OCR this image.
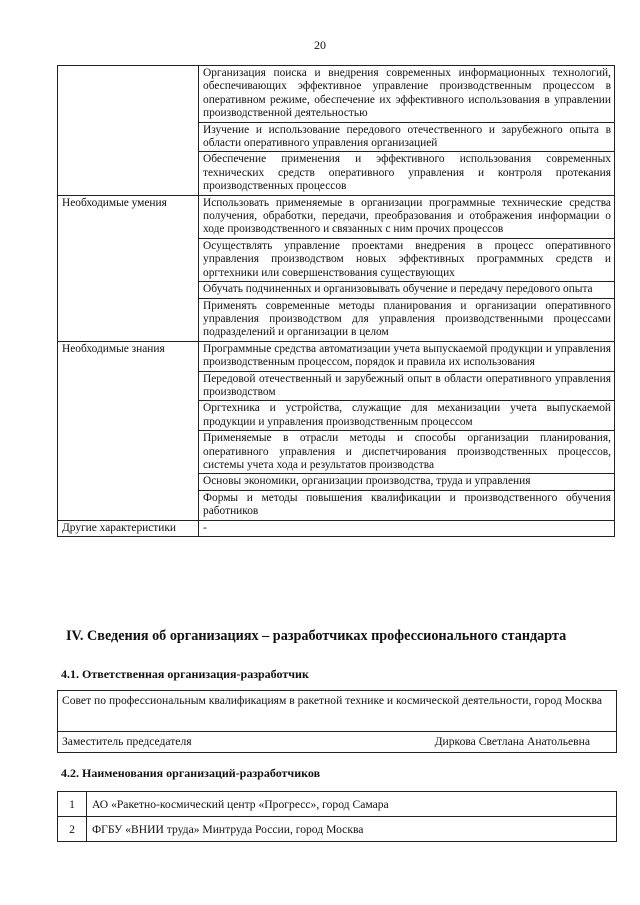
20
	Организация поиска и внедрения современных информационных технологий, обеспечивающих эффективное управление производственным процессом в оперативном режиме, обеспечение их эффективного использования в управлении производственной деятельностью
	Изучение и использование передового отечественного и зарубежного опыта в области оперативного управления организацией
	Обеспечение применения и эффективного использования современных технических средств оперативного управления и контроля протекания производственных процессов
Необходимые умения	Использовать применяемые в организации программные технические средства получения, обработки, передачи, преобразования и отображения информации о ходе производственного и связанных с ним прочих процессов
	Осуществлять управление проектами внедрения в процесс оперативного управления производством новых эффективных программных средств и оргтехники или совершенствования существующих
	Обучать подчиненных и организовывать обучение и передачу передового опыта
	Применять современные методы планирования и организации оперативного управления производством для управления производственными процессами подразделений и организации в целом
Необходимые знания	Программные средства автоматизации учета выпускаемой продукции и управления производственным процессом, порядок и правила их использования
	Передовой отечественный и зарубежный опыт в области оперативного управления производством
	Оргтехника и устройства, служащие для механизации учета выпускаемой продукции и управления производственным процессом
	Применяемые в отрасли методы и способы организации планирования, оперативного управления и диспетчирования производственных процессов, системы учета хода и результатов производства
	Основы экономики, организации производства, труда и управления
	Формы и методы повышения квалификации и производственного обучения работников
Другие характеристики	-
IV. Сведения об организациях – разработчиках профессионального стандарта
4.1. Ответственная организация-разработчик
Совет по профессиональным квалификациям в ракетной технике и космической деятельности, город Москва

Заместитель председателя	Диркова Светлана Анатольевна
4.2. Наименования организаций-разработчиков
1	АО «Ракетно-космический центр «Прогресс», город Самара
2	ФГБУ «ВНИИ труда» Минтруда России, город Москва
